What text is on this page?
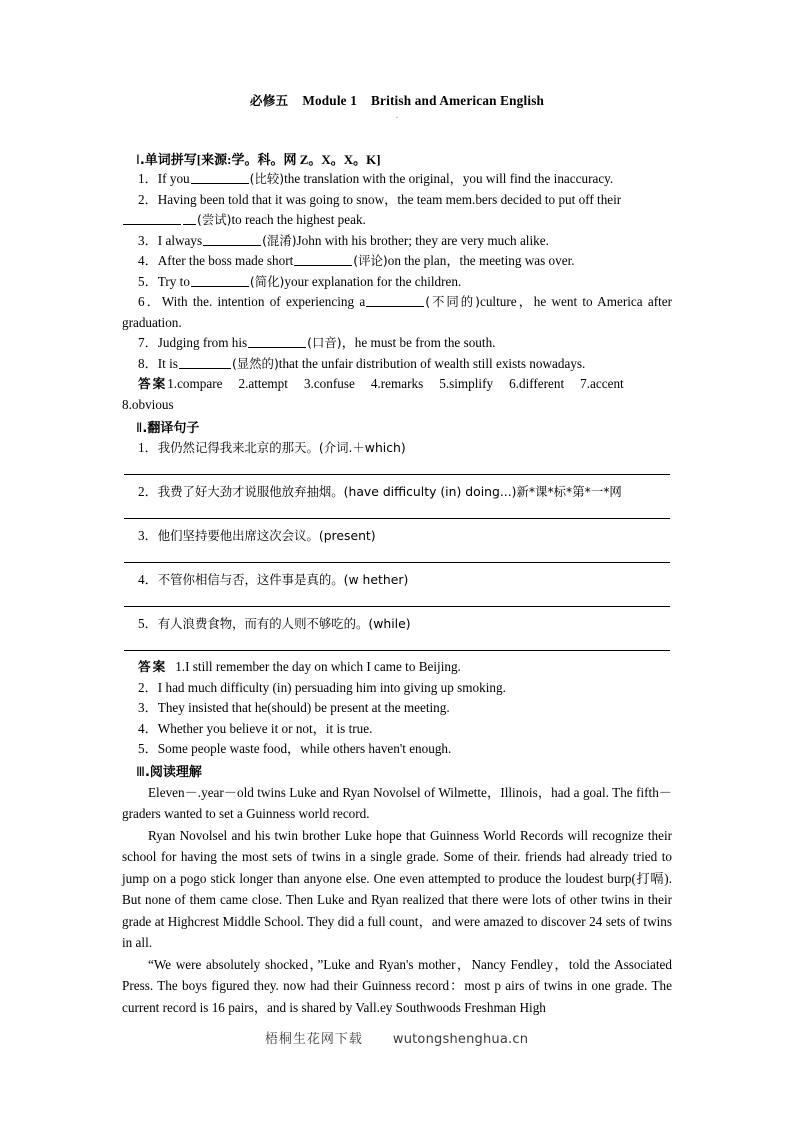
必修五 Module 1 British and American English
.
Ⅰ.单词拼写[来源:学。科。网 Z。X。X。K]

1．If you	(比较)the translation with the original，you will find the inaccuracy.

2．Having been told that it was going to snow，the team mem.bers decided to put off their

(尝试)to reach the highest peak.

3．I always	(混淆)John with his brother; they are very much alike.

4．After the boss made short	(评论)on the plan，the meeting was over.

5．Try to	(简化)your explanation for the children.

6．With the. intention of experiencing a	(不同的)culture，he went to America after graduation.

7．Judging from his	(口音)，he must be from the south.

8．It is	(显然的)that the unfair distribution of wealth still exists nowadays.

答案1.compare 2.attempt 3.confuse 4.remarks 5.simplify 6.different 7.accent

8.obvious

Ⅱ.翻译句子

1．我仍然记得我来北京的那天。(介词.＋which)

2．我费了好大劲才说服他放弃抽烟。(have difficulty (in) doing...)新*课*标*第*一*网

3．他们坚持要他出席这次会议。(present)

4．不管你相信与否，这件事是真的。(w hether)

5．有人浪费食物，而有的人则不够吃的。(while)

答案 1.I still remember the day on which I came to Beijing.

2．I had much difficulty (in) persuading him into giving up smoking.

3．They insisted that he(should) be present at the meeting.

4．Whether you believe it or not，it is true.

5．Some people waste food，while others haven't enough.

Ⅲ.阅读理解

Eleven－.year－old twins Luke and Ryan Novolsel of Wilmette，Illinois，had a goal. The fifth－graders wanted to set a Guinness world record.

Ryan Novolsel and his twin brother Luke hope that Guinness World Records will recognize their school for having the most sets of twins in a single grade. Some of their. friends had already tried to jump on a pogo stick longer than anyone else. One even attempted to produce the loudest burp(打嗝). But none of them came close. Then Luke and Ryan realized that there were lots of other twins in their grade at Highcrest Middle School. They did a full count，and were amazed to discover 24 sets of twins in all.

“We were absolutely shocked，”Luke and Ryan's mother，Nancy Fendley，told the Associated Press. The boys figured they. now had their Guinness record：most p airs of twins in one grade. The current record is 16 pairs，and is shared by Vall.ey Southwoods Freshman High

梧桐生花网下载 wutongshenghua.cn
